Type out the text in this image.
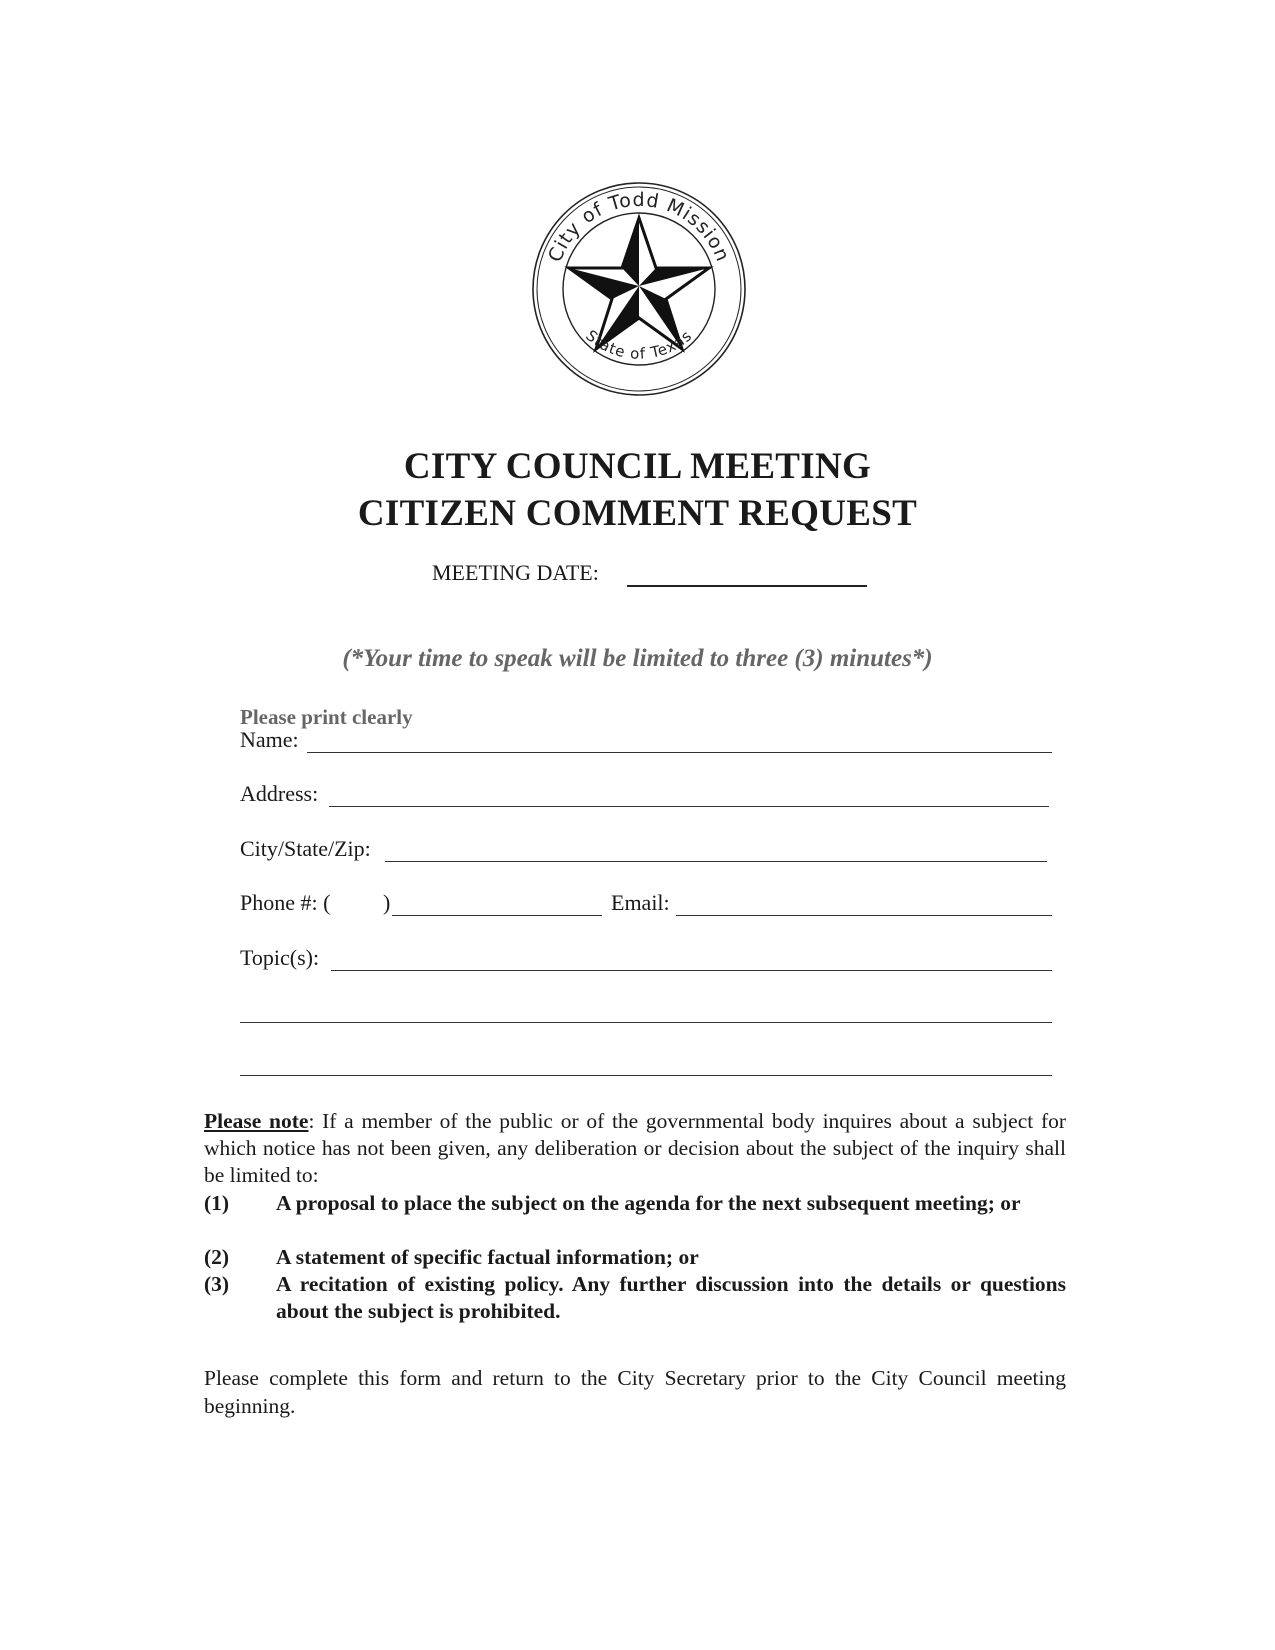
City of Todd Mission
State of Texas
CITY COUNCIL MEETING
CITIZEN COMMENT REQUEST
MEETING DATE:
(*Your time to speak will be limited to three (3) minutes*)
Please print clearly
Name:
Address:
City/State/Zip:
Phone #: ( )	Email:
Topic(s):
Please note: If a member of the public or of the governmental body inquires about a subject for which notice has not been given, any deliberation or decision about the subject of the inquiry shall be limited to:
(1) A proposal to place the subject on the agenda for the next subsequent meeting; or
(2) A statement of specific factual information; or
(3) A recitation of existing policy. Any further discussion into the details or questions about the subject is prohibited.
Please complete this form and return to the City Secretary prior to the City Council meeting beginning.
